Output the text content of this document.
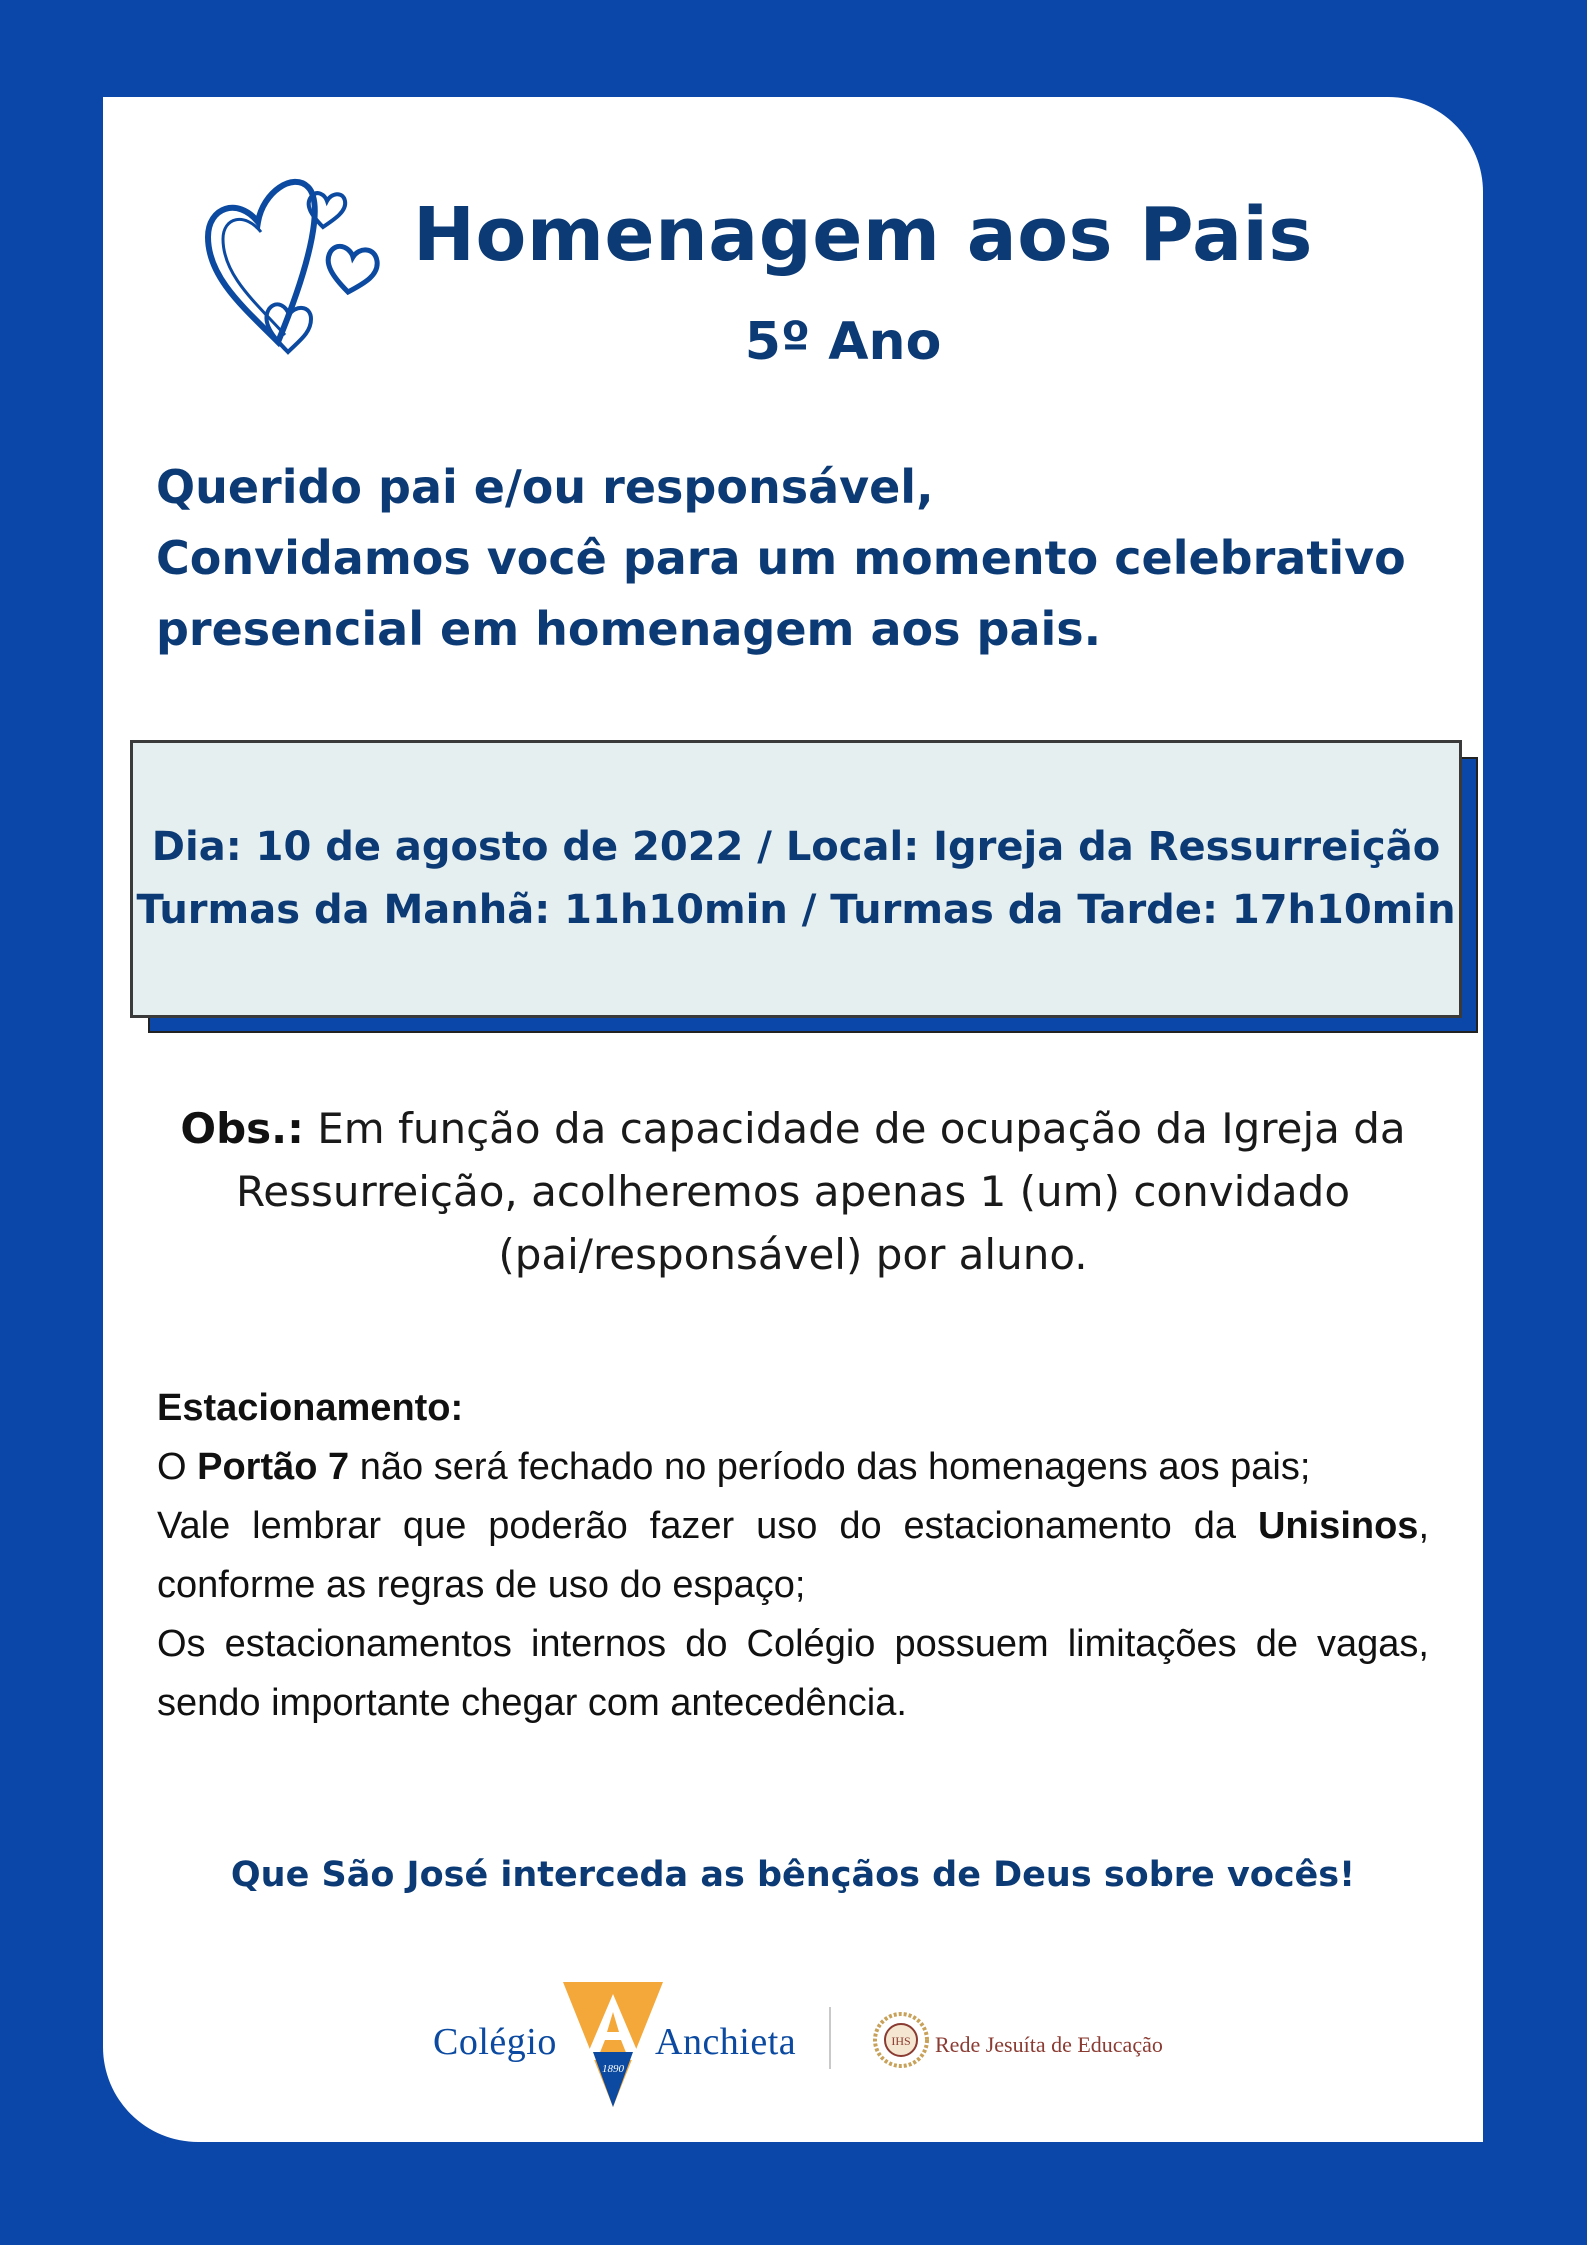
Homenagem aos Pais
5º Ano
Querido pai e/ou responsável,
Convidamos você para um momento celebrativo
presencial em homenagem aos pais.
Dia: 10 de agosto de 2022 / Local: Igreja da Ressurreição
Turmas da Manhã: 11h10min / Turmas da Tarde: 17h10min
Obs.: Em função da capacidade de ocupação da Igreja da Ressurreição, acolheremos apenas 1 (um) convidado (pai/responsável) por aluno.

Estacionamento:

O Portão 7 não será fechado no período das homenagens aos pais;

Vale lembrar que poderão fazer uso do estacionamento da Unisinos, conforme as regras de uso do espaço;

Os estacionamentos internos do Colégio possuem limitações de vagas, sendo importante chegar com antecedência.

Que São José interceda as bênçãos de Deus sobre vocês!
1890
Colégio	Anchieta	IHS Rede Jesuíta de Educação
